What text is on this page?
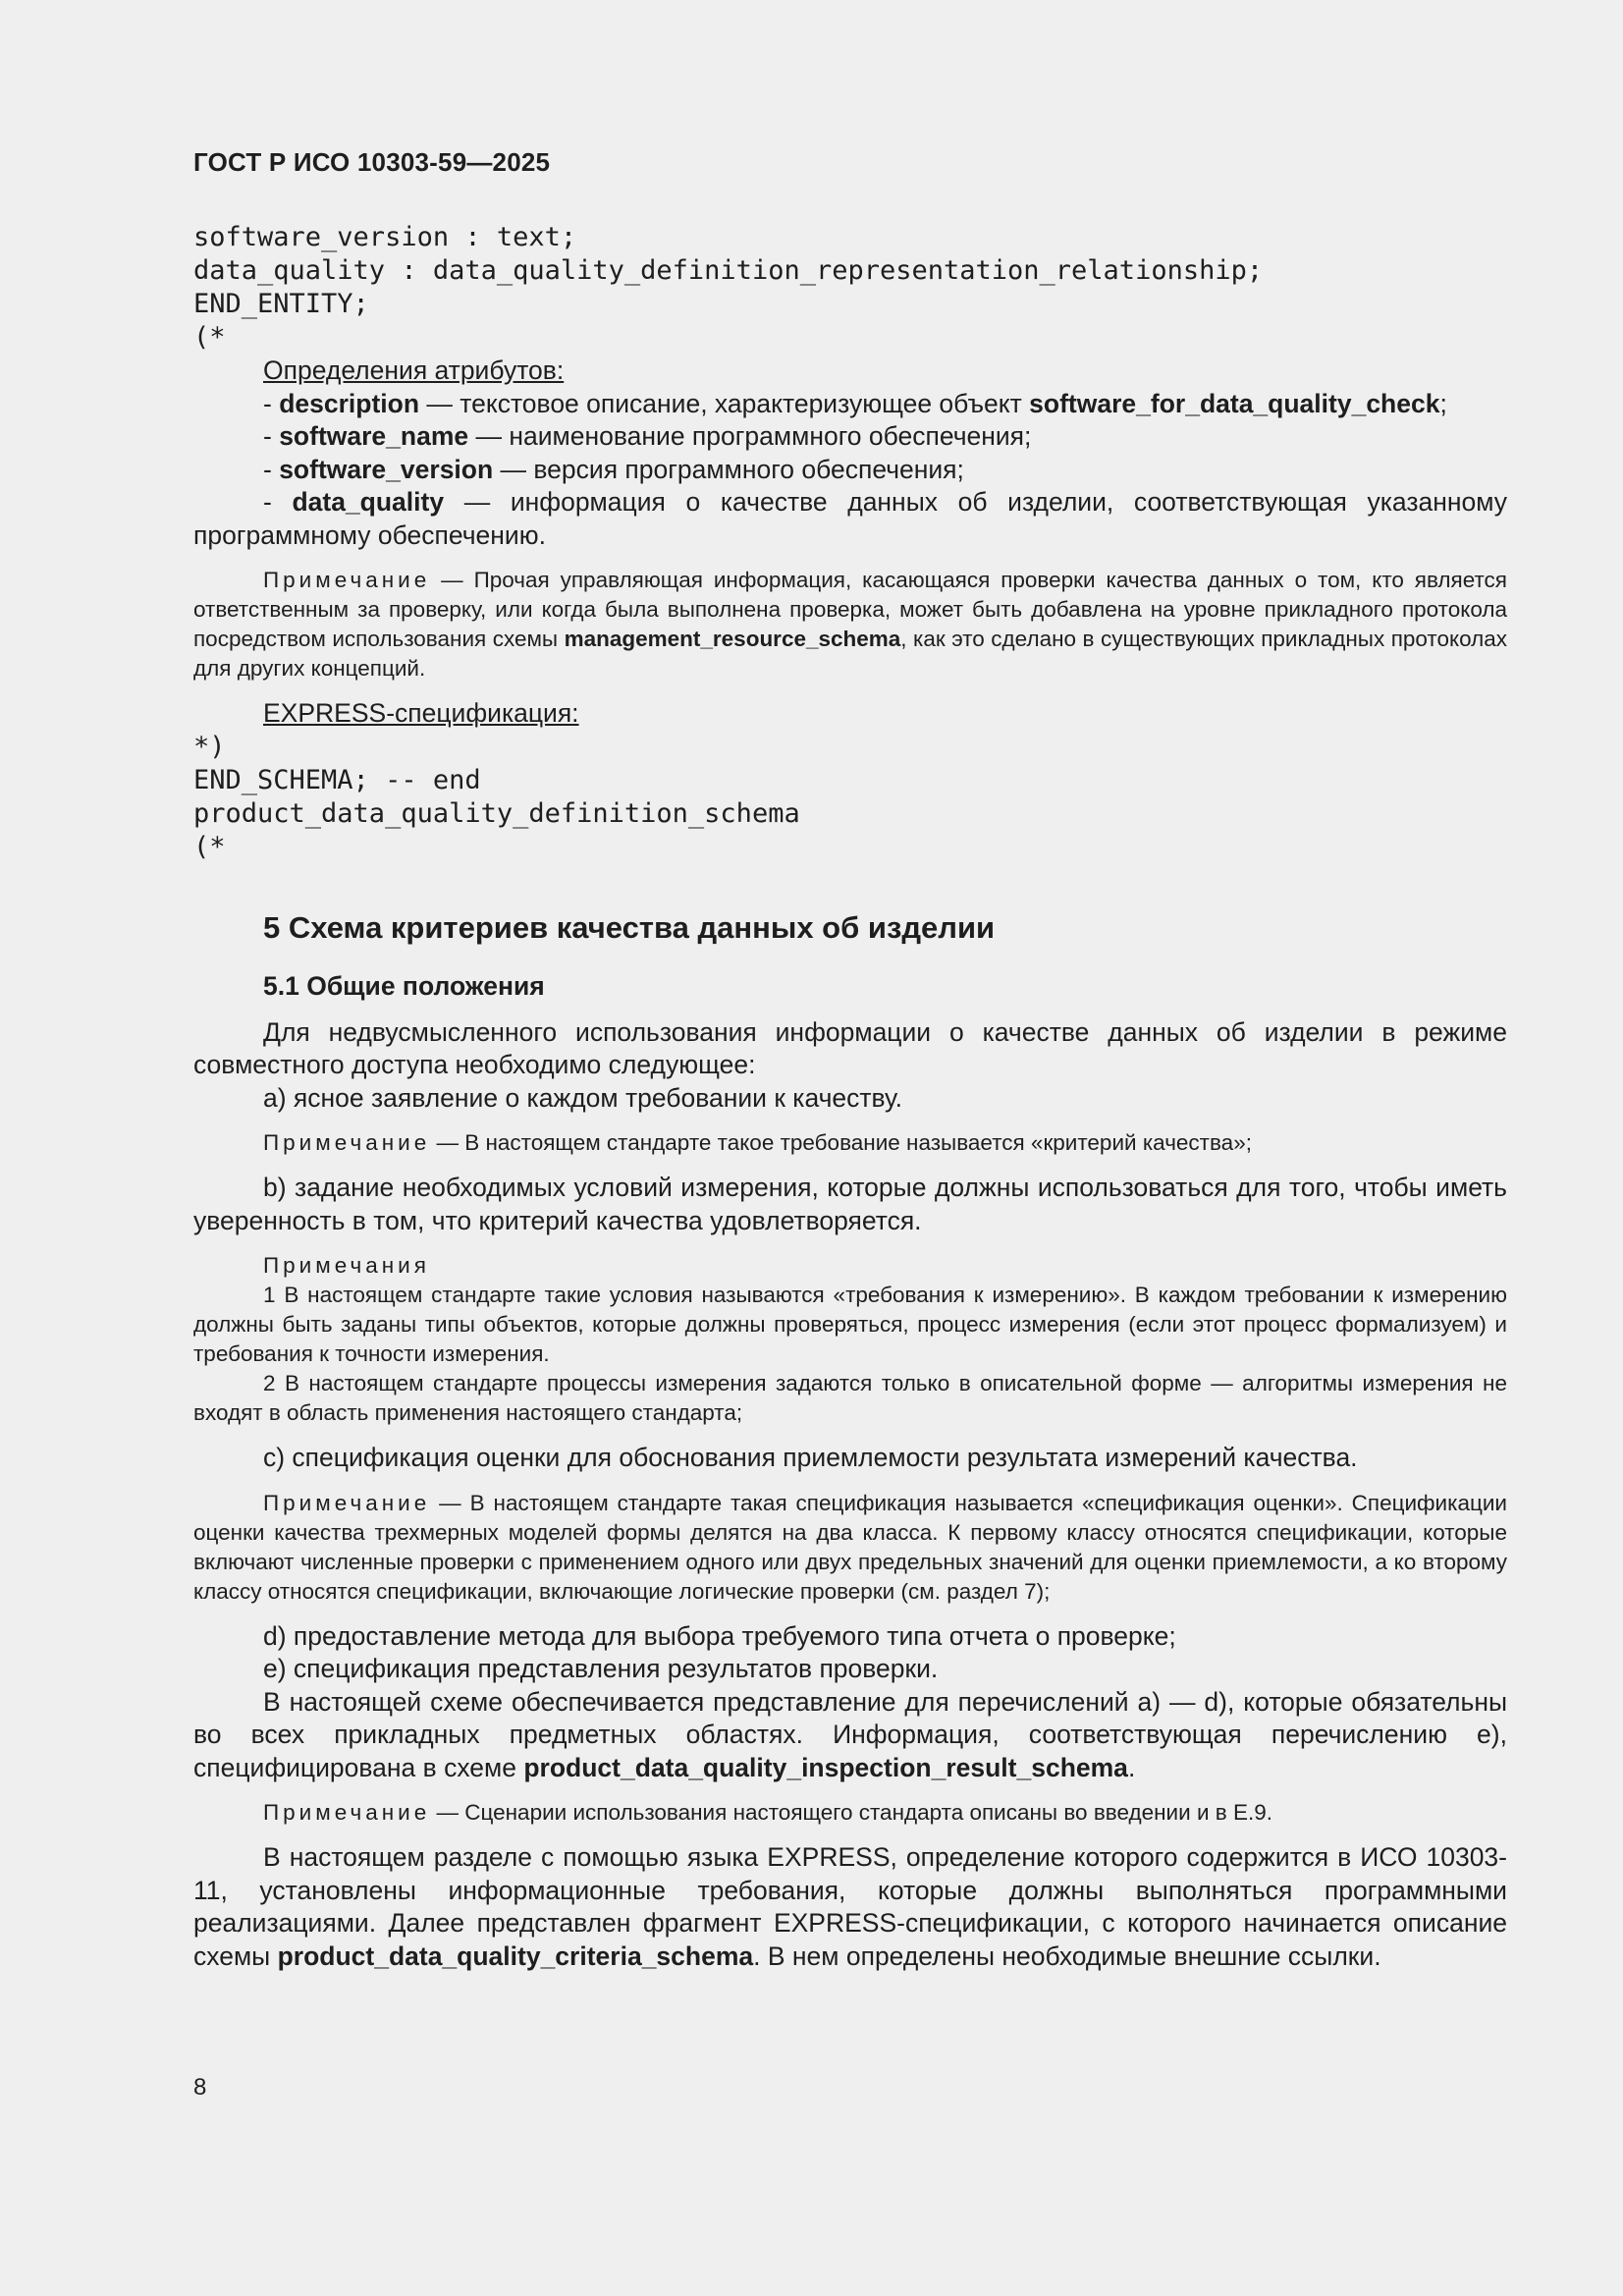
ГОСТ Р ИСО 10303-59—2025
software_version : text;
data_quality : data_quality_definition_representation_relationship;
END_ENTITY;
(*

Определения атрибутов:

- description — текстовое описание, характеризующее объект software_for_data_quality_check;

- software_name — наименование программного обеспечения;

- software_version — версия программного обеспечения;

- data_quality — информация о качестве данных об изделии, соответствующая указанному программному обеспечению.

Примечание — Прочая управляющая информация, касающаяся проверки качества данных о том, кто является ответственным за проверку, или когда была выполнена проверка, может быть добавлена на уровне прикладного протокола посредством использования схемы management_resource_schema, как это сделано в существующих прикладных протоколах для других концепций.

EXPRESS-спецификация:

*)
END_SCHEMA; -- end
product_data_quality_definition_schema
(*
5 Схема критериев качества данных об изделии
5.1 Общие положения

Для недвусмысленного использования информации о качестве данных об изделии в режиме совместного доступа необходимо следующее:

a) ясное заявление о каждом требовании к качеству.

Примечание — В настоящем стандарте такое требование называется «критерий качества»;

b) задание необходимых условий измерения, которые должны использоваться для того, чтобы иметь уверенность в том, что критерий качества удовлетворяется.

Примечания

1 В настоящем стандарте такие условия называются «требования к измерению». В каждом требовании к измерению должны быть заданы типы объектов, которые должны проверяться, процесс измерения (если этот процесс формализуем) и требования к точности измерения.

2 В настоящем стандарте процессы измерения задаются только в описательной форме — алгоритмы измерения не входят в область применения настоящего стандарта;

c) спецификация оценки для обоснования приемлемости результата измерений качества.

Примечание — В настоящем стандарте такая спецификация называется «спецификация оценки». Спецификации оценки качества трехмерных моделей формы делятся на два класса. К первому классу относятся спецификации, которые включают численные проверки с применением одного или двух предельных значений для оценки приемлемости, а ко второму классу относятся спецификации, включающие логические проверки (см. раздел 7);

d) предоставление метода для выбора требуемого типа отчета о проверке;

e) спецификация представления результатов проверки.

В настоящей схеме обеспечивается представление для перечислений a) — d), которые обязательны во всех прикладных предметных областях. Информация, соответствующая перечислению e), специфицирована в схеме product_data_quality_inspection_result_schema.

Примечание — Сценарии использования настоящего стандарта описаны во введении и в Е.9.

В настоящем разделе с помощью языка EXPRESS, определение которого содержится в ИСО 10303-11, установлены информационные требования, которые должны выполняться программными реализациями. Далее представлен фрагмент EXPRESS-спецификации, с которого начинается описание схемы product_data_quality_criteria_schema. В нем определены необходимые внешние ссылки.

8
